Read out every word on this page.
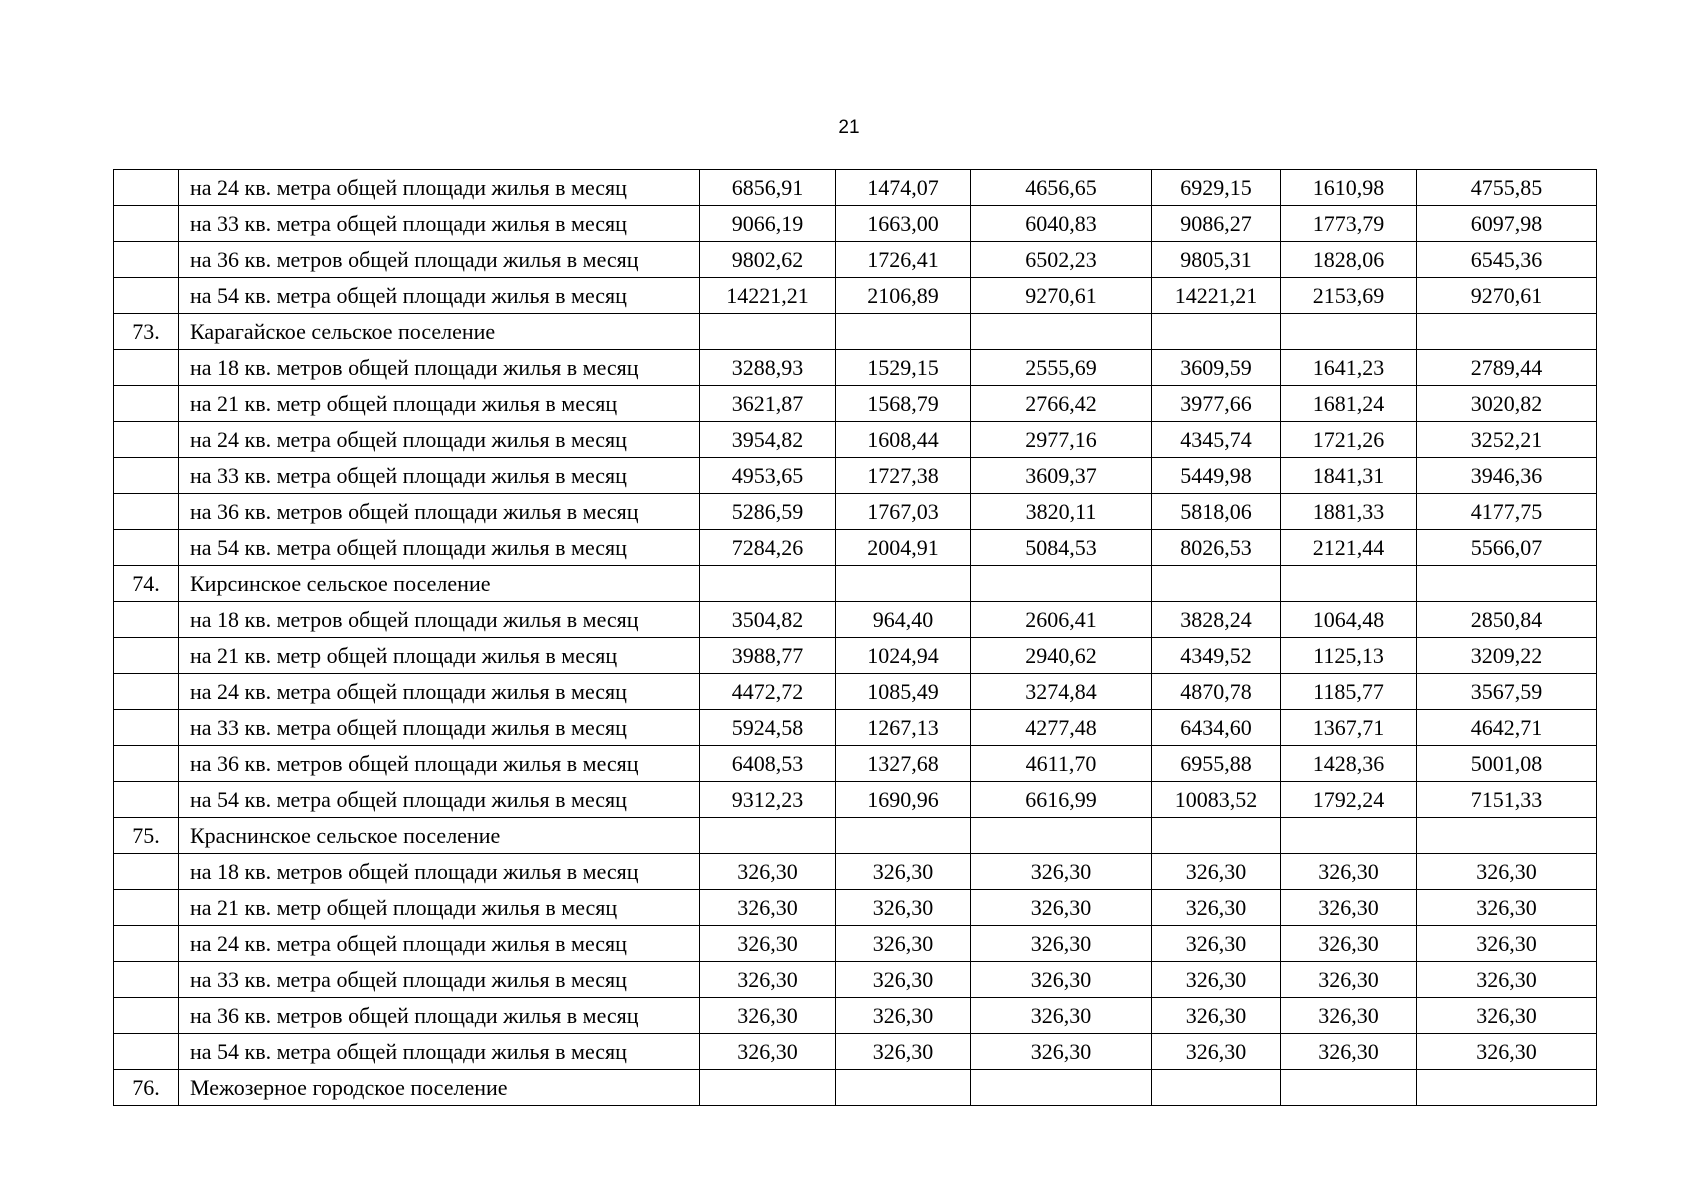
21
	на 24 кв. метра общей площади жилья в месяц	6856,91	1474,07	4656,65	6929,15	1610,98	4755,85
	на 33 кв. метра общей площади жилья в месяц	9066,19	1663,00	6040,83	9086,27	1773,79	6097,98
	на 36 кв. метров общей площади жилья в месяц	9802,62	1726,41	6502,23	9805,31	1828,06	6545,36
	на 54 кв. метра общей площади жилья в месяц	14221,21	2106,89	9270,61	14221,21	2153,69	9270,61
73.	Карагайское сельское поселение						
	на 18 кв. метров общей площади жилья в месяц	3288,93	1529,15	2555,69	3609,59	1641,23	2789,44
	на 21 кв. метр общей площади жилья в месяц	3621,87	1568,79	2766,42	3977,66	1681,24	3020,82
	на 24 кв. метра общей площади жилья в месяц	3954,82	1608,44	2977,16	4345,74	1721,26	3252,21
	на 33 кв. метра общей площади жилья в месяц	4953,65	1727,38	3609,37	5449,98	1841,31	3946,36
	на 36 кв. метров общей площади жилья в месяц	5286,59	1767,03	3820,11	5818,06	1881,33	4177,75
	на 54 кв. метра общей площади жилья в месяц	7284,26	2004,91	5084,53	8026,53	2121,44	5566,07
74.	Кирсинское сельское поселение						
	на 18 кв. метров общей площади жилья в месяц	3504,82	964,40	2606,41	3828,24	1064,48	2850,84
	на 21 кв. метр общей площади жилья в месяц	3988,77	1024,94	2940,62	4349,52	1125,13	3209,22
	на 24 кв. метра общей площади жилья в месяц	4472,72	1085,49	3274,84	4870,78	1185,77	3567,59
	на 33 кв. метра общей площади жилья в месяц	5924,58	1267,13	4277,48	6434,60	1367,71	4642,71
	на 36 кв. метров общей площади жилья в месяц	6408,53	1327,68	4611,70	6955,88	1428,36	5001,08
	на 54 кв. метра общей площади жилья в месяц	9312,23	1690,96	6616,99	10083,52	1792,24	7151,33
75.	Краснинское сельское поселение						
	на 18 кв. метров общей площади жилья в месяц	326,30	326,30	326,30	326,30	326,30	326,30
	на 21 кв. метр общей площади жилья в месяц	326,30	326,30	326,30	326,30	326,30	326,30
	на 24 кв. метра общей площади жилья в месяц	326,30	326,30	326,30	326,30	326,30	326,30
	на 33 кв. метра общей площади жилья в месяц	326,30	326,30	326,30	326,30	326,30	326,30
	на 36 кв. метров общей площади жилья в месяц	326,30	326,30	326,30	326,30	326,30	326,30
	на 54 кв. метра общей площади жилья в месяц	326,30	326,30	326,30	326,30	326,30	326,30
76.	Межозерное городское поселение						
